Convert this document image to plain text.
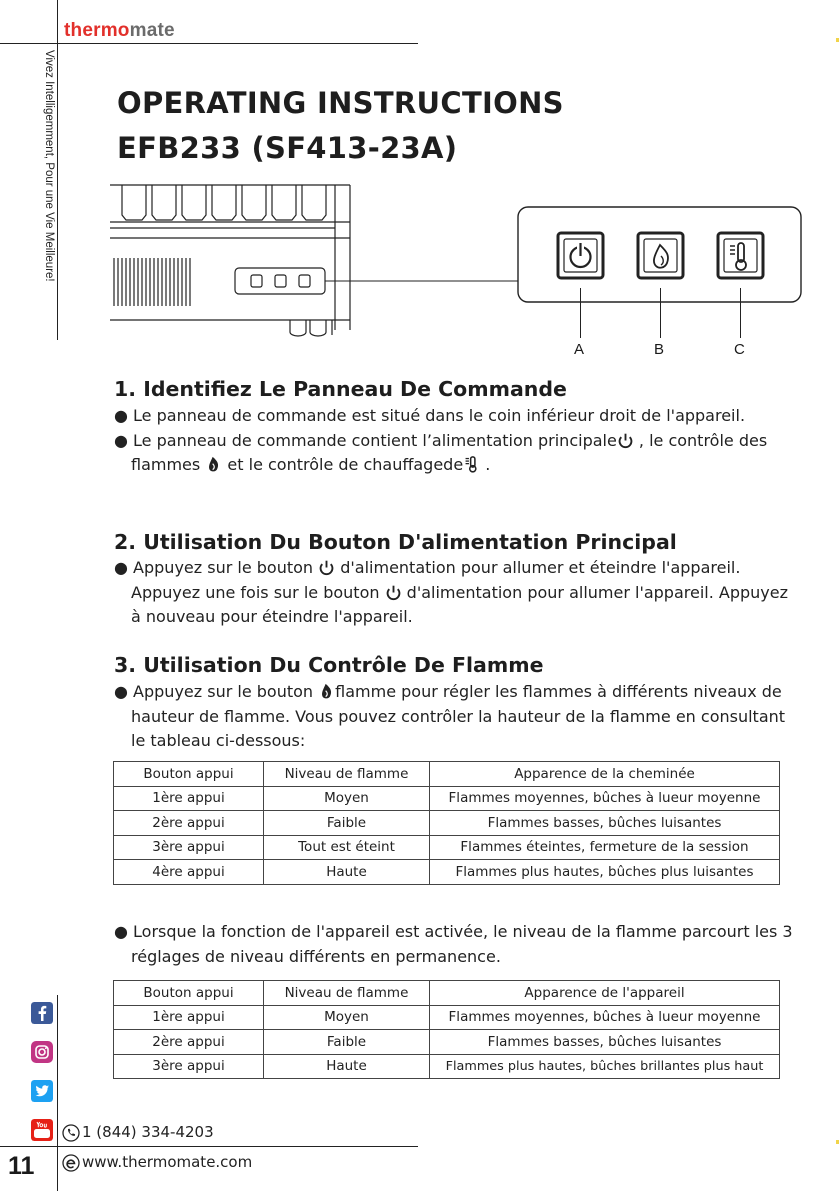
thermomate
Vivez Intelligemment, Pour une Vie Meilleure! OPERATING INSTRUCTIONS
EFB233 (SF413-23A)
A	B	C
1. Identifiez Le Panneau De Commande
● Le panneau de commande est situé dans le coin inférieur droit de l'appareil.
● Le panneau de commande contient l’alimentation principale , le contrôle des flammes  et le contrôle de chauffagede .
2. Utilisation Du Bouton D'alimentation Principal
● Appuyez sur le bouton  d'alimentation pour allumer et éteindre l'appareil. Appuyez une fois sur le bouton  d'alimentation pour allumer l'appareil. Appuyez à nouveau pour éteindre l'appareil.
3. Utilisation Du Contrôle De Flamme
● Appuyez sur le bouton flamme pour régler les flammes à différents niveaux de hauteur de flamme. Vous pouvez contrôler la hauteur de la flamme en consultant le tableau ci-dessous:
Bouton appui	Niveau de flamme	Apparence de la cheminée
1ère appui	Moyen	Flammes moyennes, bûches à lueur moyenne
2ère appui	Faible	Flammes basses, bûches luisantes
3ère appui	Tout est éteint	Flammes éteintes, fermeture de la session
4ère appui	Haute	Flammes plus hautes, bûches plus luisantes
● Lorsque la fonction de l'appareil est activée, le niveau de la flamme parcourt les 3 réglages de niveau différents en permanence.
Bouton appui	Niveau de flamme	Apparence de l'appareil
1ère appui	Moyen	Flammes moyennes, bûches à lueur moyenne
2ère appui	Faible	Flammes basses, bûches luisantes
3ère appui	Haute	Flammes plus hautes, bûches brillantes plus haut
1 (844) 334-4203
www.thermomate.com
11
